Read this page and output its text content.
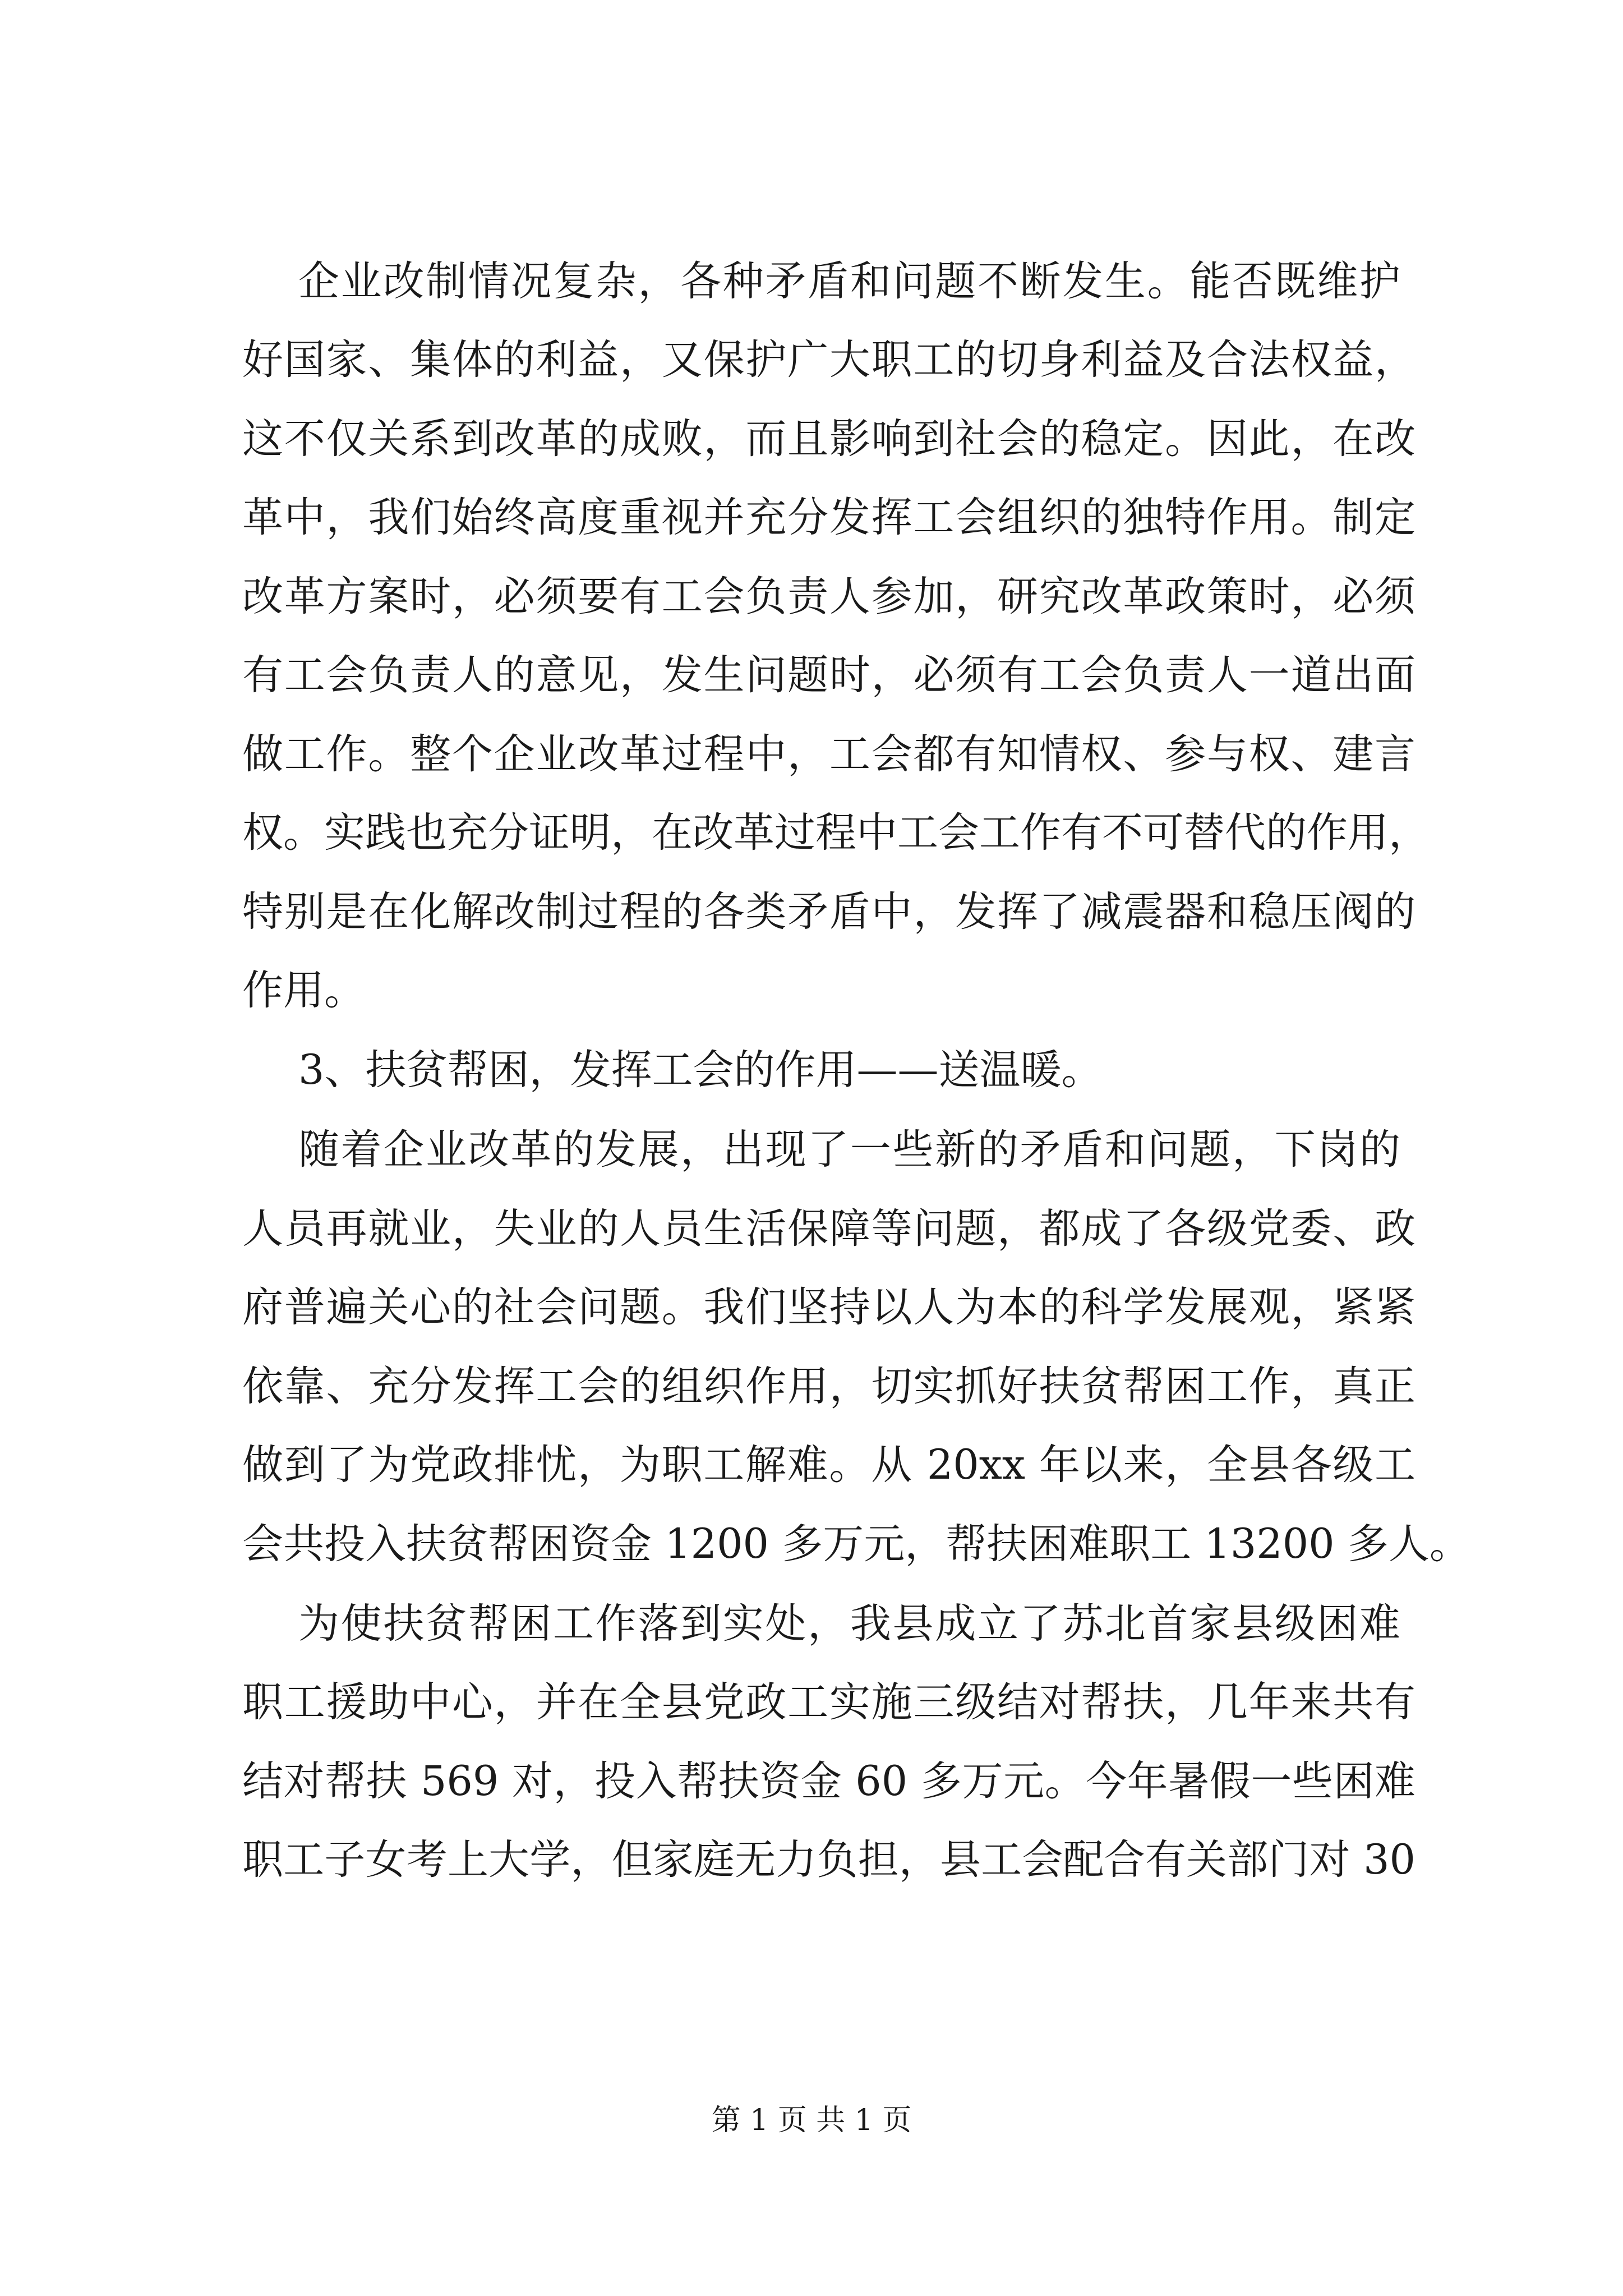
企业改制情况复杂，各种矛盾和问题不断发生。能否既维护
好国家、集体的利益，又保护广大职工的切身利益及合法权益，
这不仅关系到改革的成败，而且影响到社会的稳定。因此，在改
革中，我们始终高度重视并充分发挥工会组织的独特作用。制定
改革方案时，必须要有工会负责人参加，研究改革政策时，必须
有工会负责人的意见，发生问题时，必须有工会负责人一道出面
做工作。整个企业改革过程中，工会都有知情权、参与权、建言
权。实践也充分证明，在改革过程中工会工作有不可替代的作用，
特别是在化解改制过程的各类矛盾中，发挥了减震器和稳压阀的
作用。
3、扶贫帮困，发挥工会的作用——送温暖。
随着企业改革的发展，出现了一些新的矛盾和问题，下岗的
人员再就业，失业的人员生活保障等问题，都成了各级党委、政
府普遍关心的社会问题。我们坚持以人为本的科学发展观，紧紧
依靠、充分发挥工会的组织作用，切实抓好扶贫帮困工作，真正
做到了为党政排忧，为职工解难。从 20xx 年以来，全县各级工
会共投入扶贫帮困资金 1200 多万元，帮扶困难职工 13200 多人。
为使扶贫帮困工作落到实处，我县成立了苏北首家县级困难
职工援助中心，并在全县党政工实施三级结对帮扶，几年来共有
结对帮扶 569 对，投入帮扶资金 60 多万元。今年暑假一些困难
职工子女考上大学，但家庭无力负担，县工会配合有关部门对 30
第 1 页 共 1 页
